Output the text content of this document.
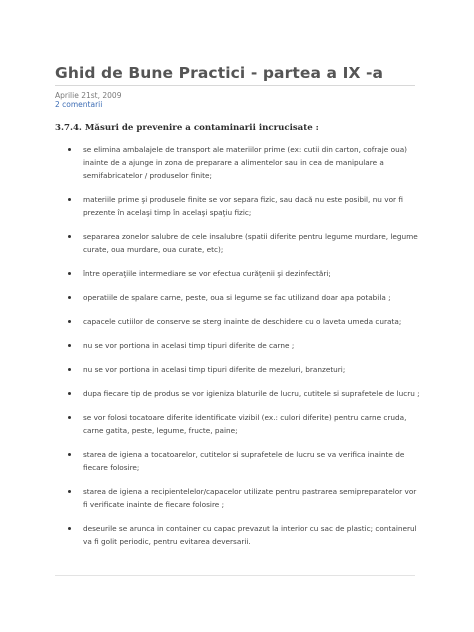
Ghid de Bune Practici - partea a IX -a
Aprilie 21st, 2009
2 comentarii
3.7.4. Măsuri de prevenire a contaminarii incrucisate :
se elimina ambalajele de transport ale materiilor prime (ex: cutii din carton, cofraje oua) inainte de a ajunge in zona de preparare a alimentelor sau in cea de manipulare a semifabricatelor / produselor finite;
materiile prime şi produsele finite se vor separa fizic, sau dacă nu este posibil, nu vor fi prezente în acelaşi timp în acelaşi spaţiu fizic;
separarea zonelor salubre de cele insalubre (spatii diferite pentru legume murdare, legume curate, oua murdare, oua curate, etc);
între operaţiile intermediare se vor efectua curăţenii şi dezinfectări;
operatiile de spalare carne, peste, oua si legume se fac utilizand doar apa potabila ;
capacele cutiilor de conserve se sterg inainte de deschidere cu o laveta umeda curata;
nu se vor portiona in acelasi timp tipuri diferite de carne ;
nu se vor portiona in acelasi timp tipuri diferite de mezeluri, branzeturi;
dupa fiecare tip de produs se vor igieniza blaturile de lucru, cutitele si suprafetele de lucru ;
se vor folosi tocatoare diferite identificate vizibil (ex.: culori diferite) pentru carne cruda, carne gatita, peste, legume, fructe, paine;
starea de igiena a tocatoarelor, cutitelor si suprafetele de lucru se va verifica inainte de fiecare folosire;
starea de igiena a recipientelelor/capacelor utilizate pentru pastrarea semipreparatelor vor fi verificate inainte de fiecare folosire ;
deseurile se arunca in container cu capac prevazut la interior cu sac de plastic; containerul va fi golit periodic, pentru evitarea deversarii.
